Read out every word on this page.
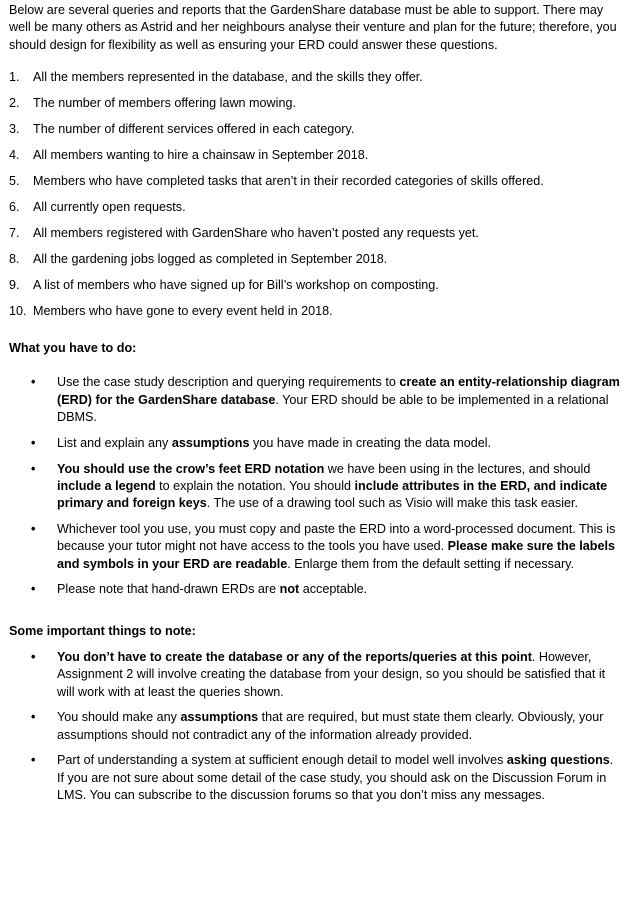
Below are several queries and reports that the GardenShare database must be able to support. There may well be many others as Astrid and her neighbours analyse their venture and plan for the future; therefore, you should design for flexibility as well as ensuring your ERD could answer these questions.

1.	All the members represented in the database, and the skills they offer.
2.	The number of members offering lawn mowing.
3.	The number of different services offered in each category.
4.	All members wanting to hire a chainsaw in September 2018.
5.	Members who have completed tasks that aren’t in their recorded categories of skills offered.
6.	All currently open requests.
7.	All members registered with GardenShare who haven’t posted any requests yet.
8.	All the gardening jobs logged as completed in September 2018.
9.	A list of members who have signed up for Bill’s workshop on composting.
10. Members who have gone to every event held in 2018.
What you have to do:
• Use the case study description and querying requirements to create an entity-relationship diagram (ERD) for the GardenShare database. Your ERD should be able to be implemented in a relational DBMS.
• List and explain any assumptions you have made in creating the data model.
• You should use the crow’s feet ERD notation we have been using in the lectures, and should include a legend to explain the notation. You should include attributes in the ERD, and indicate primary and foreign keys. The use of a drawing tool such as Visio will make this task easier.
• Whichever tool you use, you must copy and paste the ERD into a word-processed document. This is because your tutor might not have access to the tools you have used. Please make sure the labels and symbols in your ERD are readable. Enlarge them from the default setting if necessary.
• Please note that hand-drawn ERDs are not acceptable.
Some important things to note:
• You don’t have to create the database or any of the reports/queries at this point. However, Assignment 2 will involve creating the database from your design, so you should be satisfied that it will work with at least the queries shown.
• You should make any assumptions that are required, but must state them clearly. Obviously, your assumptions should not contradict any of the information already provided.
• Part of understanding a system at sufficient enough detail to model well involves asking questions. If you are not sure about some detail of the case study, you should ask on the Discussion Forum in LMS. You can subscribe to the discussion forums so that you don’t miss any messages.
